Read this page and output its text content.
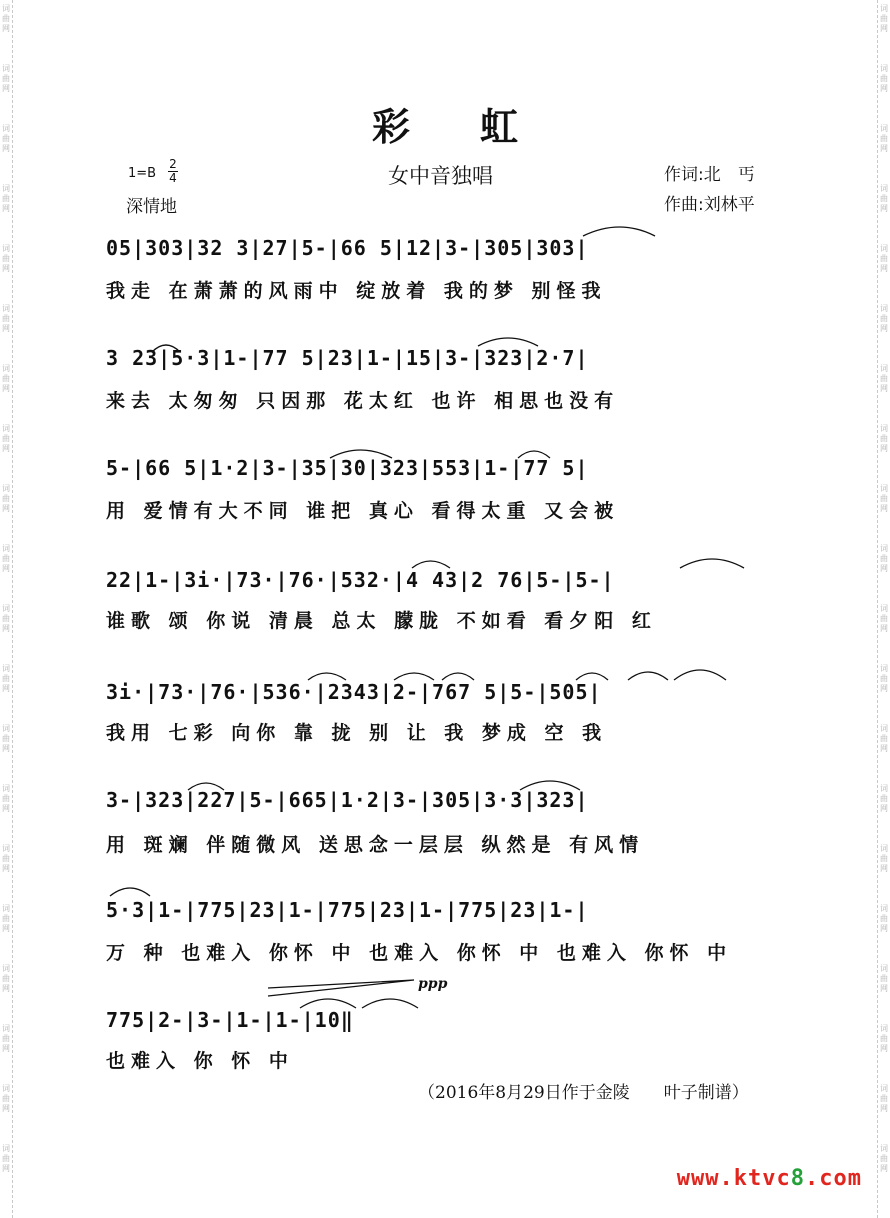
词
曲
网
词
曲
网
词
曲
网
词
曲
网
词
曲
网
词
曲
网
词
曲
网
词
曲
网
词
曲
网
词
曲
网
词
曲
网
词
曲
网
词
曲
网
词
曲
网
词
曲
网
词
曲
网
词
曲
网
词
曲
网
词
曲
网
词
曲
网
词
曲
网
词
曲
网
词
曲
网
词
曲
网
词
曲
网
词
曲
网
词
曲
网
词
曲
网
词
曲
网
词
曲
网
词
曲
网
词
曲
网
词
曲
网
词
曲
网
词
曲
网
词
曲
网
词
曲
网
词
曲
网
词
曲
网
词
曲
网
彩虹
1=B
2
4
深情地
女中音独唱	作词:北　丐
作曲:刘林平
05|303|32 3|27|5-|66 5|12|3-|305|303|
我走 在萧萧的风雨中 绽放着 我的梦 别怪我
3 23|5·3|1-|77 5|23|1-|15|3-|323|2·7|
来去 太匆匆 只因那 花太红 也许 相思也没有
5-|66 5|1·2|3-|35|30|323|553|1-|77 5|
用 爱情有大不同 谁把 真心 看得太重 又会被
22|1-|3i·|73·|76·|532·|4 43|2 76|5-|5-|
谁歌 颂 你说 清晨 总太 朦胧 不如看 看夕阳 红
3i·|73·|76·|536·|2343|2-|767 5|5-|505|
我用 七彩 向你 靠 拢 别 让 我 梦成 空 我
3-|323|227|5-|665|1·2|3-|305|3·3|323|
用 斑斓 伴随微风 送思念一层层 纵然是 有风情
5·3|1-|775|23|1-|775|23|1-|775|23|1-|
万 种 也难入 你怀 中 也难入 你怀 中 也难入 你怀 中
775|2-|3-|1-|1-|10‖
也难入 你 怀 中
ppp
（2016年8月29日作于金陵　　叶子制谱）
www.ktvc8.com
